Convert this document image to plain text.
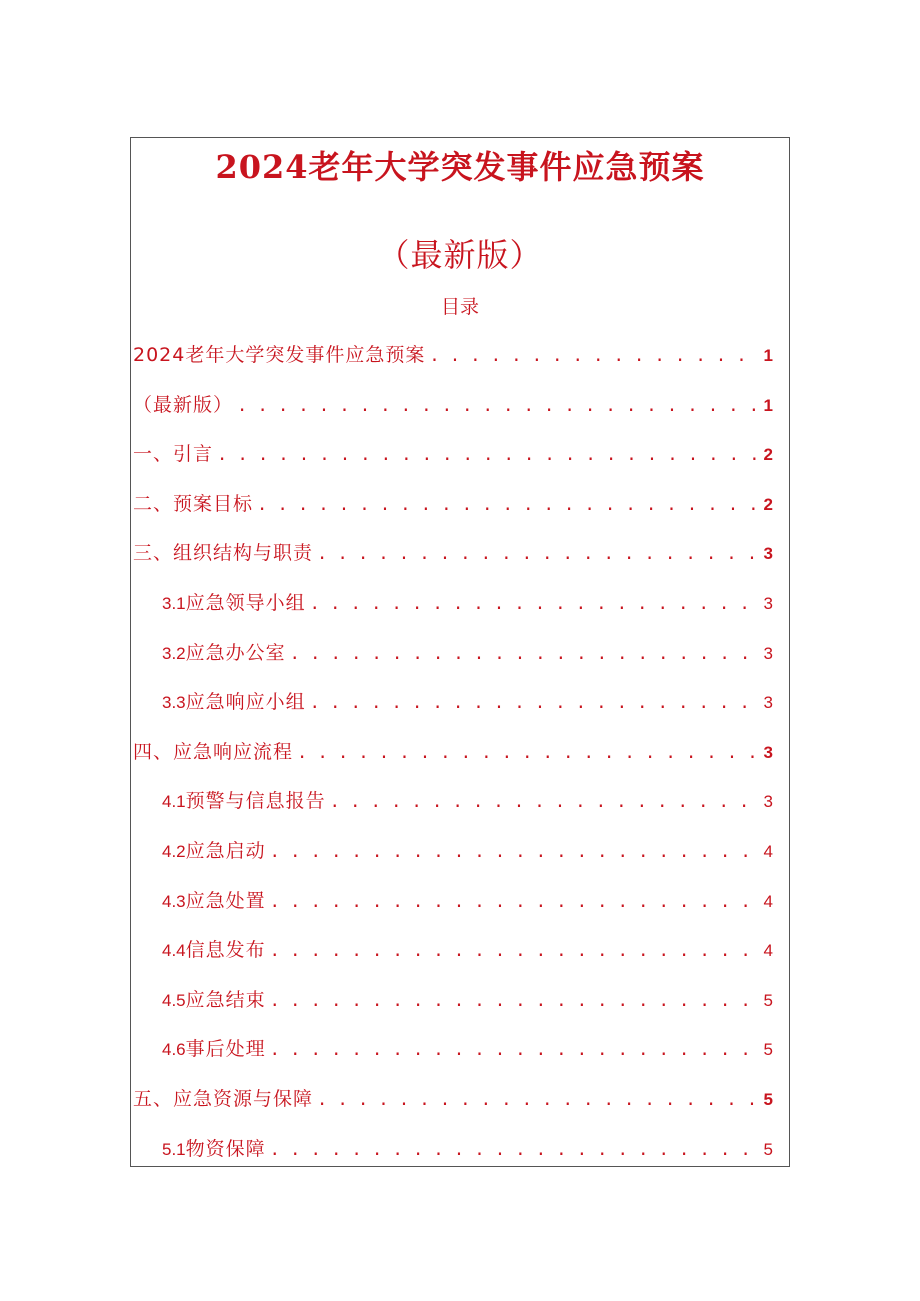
2024老年大学突发事件应急预案
（最新版）
目录
2024老年大学突发事件应急预案 . . .	1
（最新版） . . .	1
一、引言 . . .	2
二、预案目标 . . .	2
三、组织结构与职责 . . .	3
3.1 应急领导小组 . . .	3
3.2 应急办公室 . . .	3
3.3 应急响应小组 . . .	3
四、应急响应流程 . . .	3
4.1 预警与信息报告 . . .	3
4.2 应急启动 . . .	4
4.3 应急处置 . . .	4
4.4 信息发布 . . .	4
4.5 应急结束 . . .	5
4.6 事后处理 . . .	5
五、应急资源与保障 . . .	5
5.1 物资保障 . . .	5
